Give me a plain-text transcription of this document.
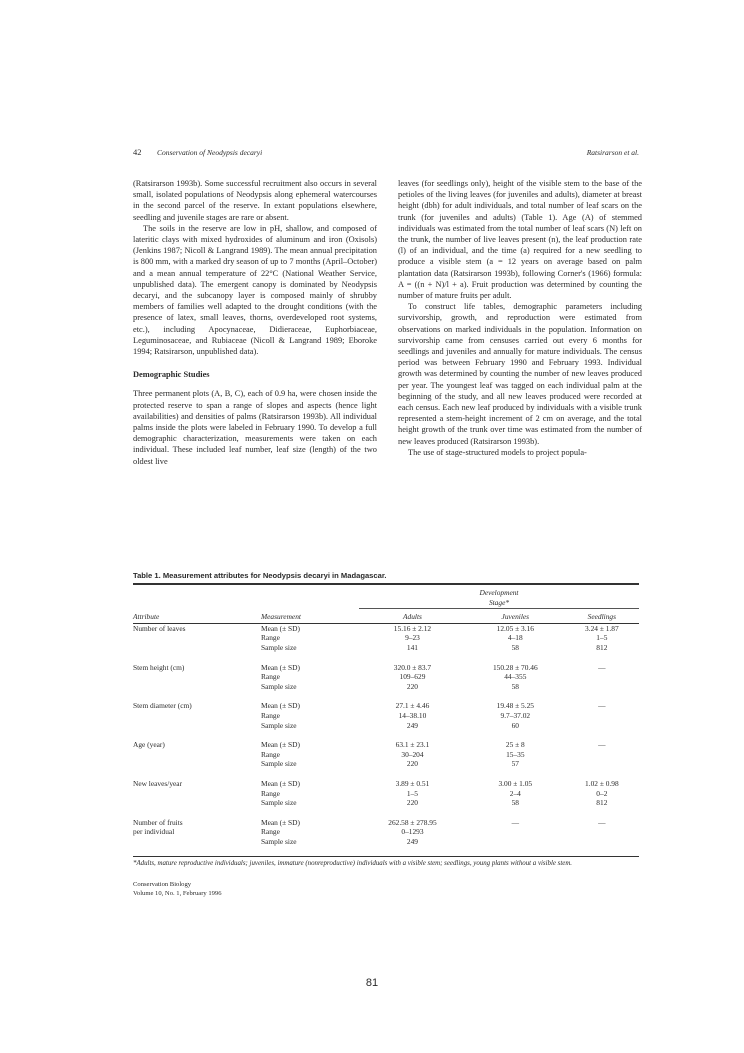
42 Conservation of Neodypsis decaryi	Ratsirarson et al.

(Ratsirarson 1993b). Some successful recruitment also occurs in several small, isolated populations of Neodypsis along ephemeral watercourses in the second parcel of the reserve. In extant populations elsewhere, seedling and juvenile stages are rare or absent.

The soils in the reserve are low in pH, shallow, and composed of lateritic clays with mixed hydroxides of aluminum and iron (Oxisols) (Jenkins 1987; Nicoll & Langrand 1989). The mean annual precipitation is 800 mm, with a marked dry season of up to 7 months (April–October) and a mean annual temperature of 22°C (National Weather Service, unpublished data). The emergent canopy is dominated by Neodypsis decaryi, and the subcanopy layer is composed mainly of shrubby members of families well adapted to the drought conditions (with the presence of latex, small leaves, thorns, overdeveloped root systems, etc.), including Apocynaceae, Didieraceae, Euphorbiaceae, Leguminosaceae, and Rubiaceae (Nicoll & Langrand 1989; Eboroke 1994; Ratsirarson, unpublished data).

Demographic Studies

Three permanent plots (A, B, C), each of 0.9 ha, were chosen inside the protected reserve to span a range of slopes and aspects (hence light availabilities) and densities of palms (Ratsirarson 1993b). All individual palms inside the plots were labeled in February 1990. To develop a full demographic characterization, measurements were taken on each individual. These included leaf number, leaf size (length) of the two oldest live

leaves (for seedlings only), height of the visible stem to the base of the petioles of the living leaves (for juveniles and adults), diameter at breast height (dbh) for adult individuals, and total number of leaf scars on the trunk (for juveniles and adults) (Table 1). Age (A) of stemmed individuals was estimated from the total number of leaf scars (N) left on the trunk, the number of live leaves present (n), the leaf production rate (l) of an individual, and the time (a) required for a new seedling to produce a visible stem (a = 12 years on average based on palm plantation data (Ratsirarson 1993b), following Corner's (1966) formula: A = ((n + N)/l + a). Fruit production was determined by counting the number of mature fruits per adult.

To construct life tables, demographic parameters including survivorship, growth, and reproduction were estimated from observations on marked individuals in the population. Information on survivorship came from censuses carried out every 6 months for seedlings and juveniles and annually for mature individuals. The census period was between February 1990 and February 1993. Individual growth was determined by counting the number of new leaves produced per year. The youngest leaf was tagged on each individual palm at the beginning of the study, and all new leaves produced were recorded at each census. Each new leaf produced by individuals with a visible trunk represented a stem-height increment of 2 cm on average, and the total height growth of the trunk over time was estimated from the number of new leaves produced (Ratsirarson 1993b).

The use of stage-structured models to project popula-

Table 1. Measurement attributes for Neodypsis decaryi in Madagascar.
		Development Stage*		
Attribute	Measurement	Adults	Juveniles	Seedlings

Number of leaves	Mean (± SD)	15.16 ± 2.12	12.05 ± 3.16	3.24 ± 1.87
	Range	9–23	4–18	1–5
	Sample size	141	58	812
Stem height (cm)	Mean (± SD)	320.0 ± 83.7	150.28 ± 70.46	—
	Range	109–629	44–355	
	Sample size	220	58	
Stem diameter (cm)	Mean (± SD)	27.1 ± 4.46	19.48 ± 5.25	—
	Range	14–38.10	9.7–37.02	
	Sample size	249	60	
Age (year)	Mean (± SD)	63.1 ± 23.1	25 ± 8	—
	Range	30–204	15–35	
	Sample size	220	57	
New leaves/year	Mean (± SD)	3.89 ± 0.51	3.00 ± 1.05	1.02 ± 0.98
	Range	1–5	2–4	0–2
	Sample size	220	58	812
Number of fruits	Mean (± SD)	262.58 ± 278.95	—	—
per individual	Range	0–1293		
	Sample size	249		
*Adults, mature reproductive individuals; juveniles, immature (nonreproductive) individuals with a visible stem; seedlings, young plants without a visible stem.
Conservation Biology
Volume 10, No. 1, February 1996
81
